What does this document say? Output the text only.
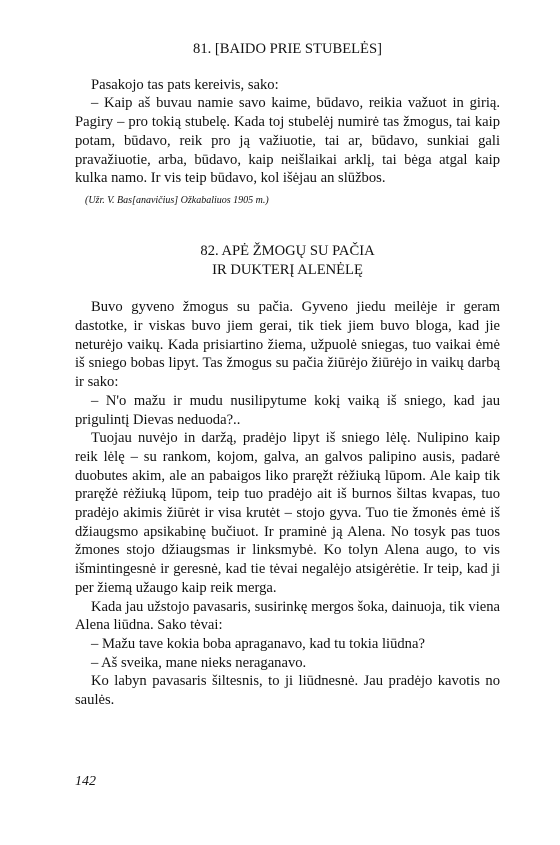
81. [BAIDO PRIE STUBELĖS]

Pasakojo tas pats kereivis, sako:

– Kaip aš buvau namie savo kaime, būdavo, reikia važuot in girią. Pagiry – pro tokią stubelę. Kada toj stubelėj numirė tas žmogus, tai kaip potam, būdavo, reik pro ją važiuotie, tai ar, būdavo, sunkiai gali pravažiuotie, arba, būdavo, kaip neišlaikai arklį, tai bėga atgal kaip kulka namo. Ir vis teip būdavo, kol išėjau an slūžbos.

(Užr. V. Bas[anavičius] Ožkabaliuos 1905 m.)
82. APĖ ŽMOGŲ SU PAČIA
IR DUKTERĮ ALENĖLĘ

Buvo gyveno žmogus su pačia. Gyveno jiedu meilėje ir geram dastotke, ir viskas buvo jiem gerai, tik tiek jiem buvo bloga, kad jie neturėjo vaikų. Kada prisiartino žiema, užpuolė sniegas, tuo vaikai ėmė iš sniego bobas lipyt. Tas žmogus su pačia žiūrėjo žiūrėjo in vaikų darbą ir sako:

– N'o mažu ir mudu nusilipytume kokį vaiką iš sniego, kad jau prigulintį Dievas neduoda?..

Tuojau nuvėjo in daržą, pradėjo lipyt iš sniego lėlę. Nulipino kaip reik lėlę – su rankom, kojom, galva, an galvos palipino ausis, padarė duobutes akim, ale an pabaigos liko praręžt rėžiuką lūpom. Ale kaip tik praręžė rėžiuką lūpom, teip tuo pradėjo ait iš burnos šiltas kvapas, tuo pradėjo akimis žiūrėt ir visa krutėt – stojo gyva. Tuo tie žmonės ėmė iš džiaugsmo apsikabinę bučiuot. Ir praminė ją Alena. No tosyk pas tuos žmones stojo džiaugsmas ir linksmybė. Ko tolyn Alena augo, to vis išmintingesnė ir geresnė, kad tie tėvai negalėjo atsigėrėtie. Ir teip, kad ji per žiemą užaugo kaip reik merga.

Kada jau užstojo pavasaris, susirinkę mergos šoka, dainuoja, tik viena Alena liūdna. Sako tėvai:

– Mažu tave kokia boba apraganavo, kad tu tokia liūdna?

– Aš sveika, mane nieks neraganavo.

Ko labyn pavasaris šiltesnis, to ji liūdnesnė. Jau pradėjo kavotis no saulės.

142
